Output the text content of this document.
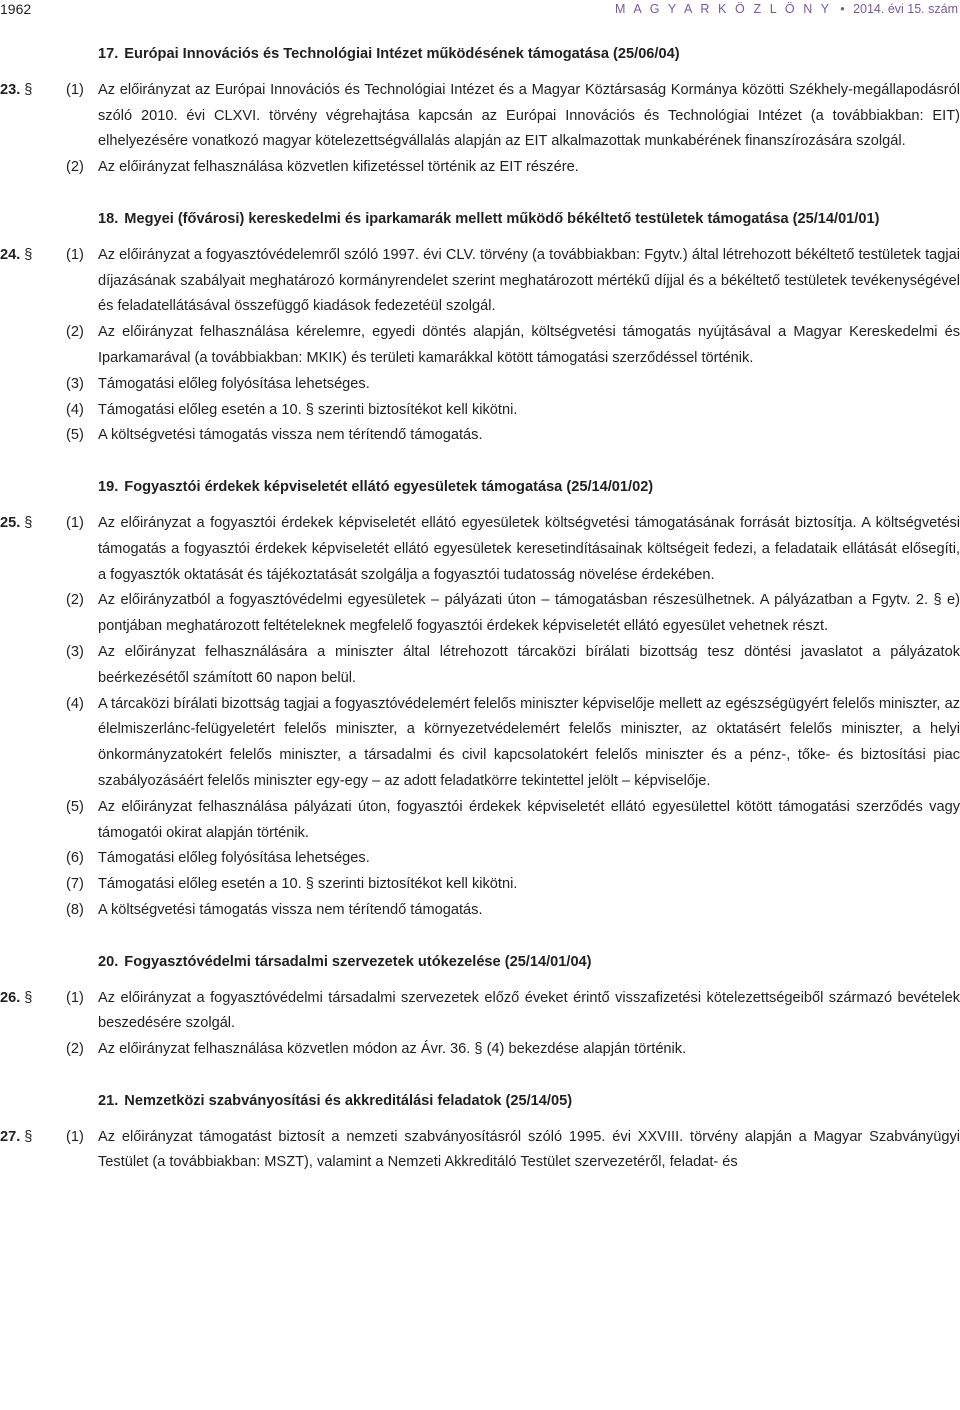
1962	M A G Y A R K Ö Z L Ö N Y • 2014. évi 15. szám
17. Európai Innovációs és Technológiai Intézet működésének támogatása (25/06/04)
23. § (1) Az előirányzat az Európai Innovációs és Technológiai Intézet és a Magyar Köztársaság Kormánya közötti Székhely-megállapodásról szóló 2010. évi CLXVI. törvény végrehajtása kapcsán az Európai Innovációs és Technológiai Intézet (a továbbiakban: EIT) elhelyezésére vonatkozó magyar kötelezettségvállalás alapján az EIT alkalmazottak munkabérének finanszírozására szolgál.
(2) Az előirányzat felhasználása közvetlen kifizetéssel történik az EIT részére.
18. Megyei (fővárosi) kereskedelmi és iparkamarák mellett működő békéltető testületek támogatása (25/14/01/01)
24. § (1) Az előirányzat a fogyasztóvédelemről szóló 1997. évi CLV. törvény (a továbbiakban: Fgytv.) által létrehozott békéltető testületek tagjai díjazásának szabályait meghatározó kormányrendelet szerint meghatározott mértékű díjjal és a békéltető testületek tevékenységével és feladatellátásával összefüggő kiadások fedezetéül szolgál.
(2) Az előirányzat felhasználása kérelemre, egyedi döntés alapján, költségvetési támogatás nyújtásával a Magyar Kereskedelmi és Iparkamarával (a továbbiakban: MKIK) és területi kamarákkal kötött támogatási szerződéssel történik.
(3) Támogatási előleg folyósítása lehetséges.
(4) Támogatási előleg esetén a 10. § szerinti biztosítékot kell kikötni.
(5) A költségvetési támogatás vissza nem térítendő támogatás.
19. Fogyasztói érdekek képviseletét ellátó egyesületek támogatása (25/14/01/02)
25. § (1) Az előirányzat a fogyasztói érdekek képviseletét ellátó egyesületek költségvetési támogatásának forrását biztosítja. A költségvetési támogatás a fogyasztói érdekek képviseletét ellátó egyesületek keresetindításainak költségeit fedezi, a feladataik ellátását elősegíti, a fogyasztók oktatását és tájékoztatását szolgálja a fogyasztói tudatosság növelése érdekében.
(2) Az előirányzatból a fogyasztóvédelmi egyesületek – pályázati úton – támogatásban részesülhetnek. A pályázatban a Fgytv. 2. § e) pontjában meghatározott feltételeknek megfelelő fogyasztói érdekek képviseletét ellátó egyesület vehetnek részt.
(3) Az előirányzat felhasználására a miniszter által létrehozott tárcaközi bírálati bizottság tesz döntési javaslatot a pályázatok beérkezésétől számított 60 napon belül.
(4) A tárcaközi bírálati bizottság tagjai a fogyasztóvédelemért felelős miniszter képviselője mellett az egészségügyért felelős miniszter, az élelmiszerlánc-felügyeletért felelős miniszter, a környezetvédelemért felelős miniszter, az oktatásért felelős miniszter, a helyi önkormányzatokért felelős miniszter, a társadalmi és civil kapcsolatokért felelős miniszter és a pénz-, tőke- és biztosítási piac szabályozásáért felelős miniszter egy-egy – az adott feladatkörre tekintettel jelölt – képviselője.
(5) Az előirányzat felhasználása pályázati úton, fogyasztói érdekek képviseletét ellátó egyesülettel kötött támogatási szerződés vagy támogatói okirat alapján történik.
(6) Támogatási előleg folyósítása lehetséges.
(7) Támogatási előleg esetén a 10. § szerinti biztosítékot kell kikötni.
(8) A költségvetési támogatás vissza nem térítendő támogatás.
20. Fogyasztóvédelmi társadalmi szervezetek utókezelése (25/14/01/04)
26. § (1) Az előirányzat a fogyasztóvédelmi társadalmi szervezetek előző éveket érintő visszafizetési kötelezettségeiből származó bevételek beszedésére szolgál.
(2) Az előirányzat felhasználása közvetlen módon az Ávr. 36. § (4) bekezdése alapján történik.
21. Nemzetközi szabványosítási és akkreditálási feladatok (25/14/05)
27. § (1) Az előirányzat támogatást biztosít a nemzeti szabványosításról szóló 1995. évi XXVIII. törvény alapján a Magyar Szabványügyi Testület (a továbbiakban: MSZT), valamint a Nemzeti Akkreditáló Testület szervezetéről, feladat- és
